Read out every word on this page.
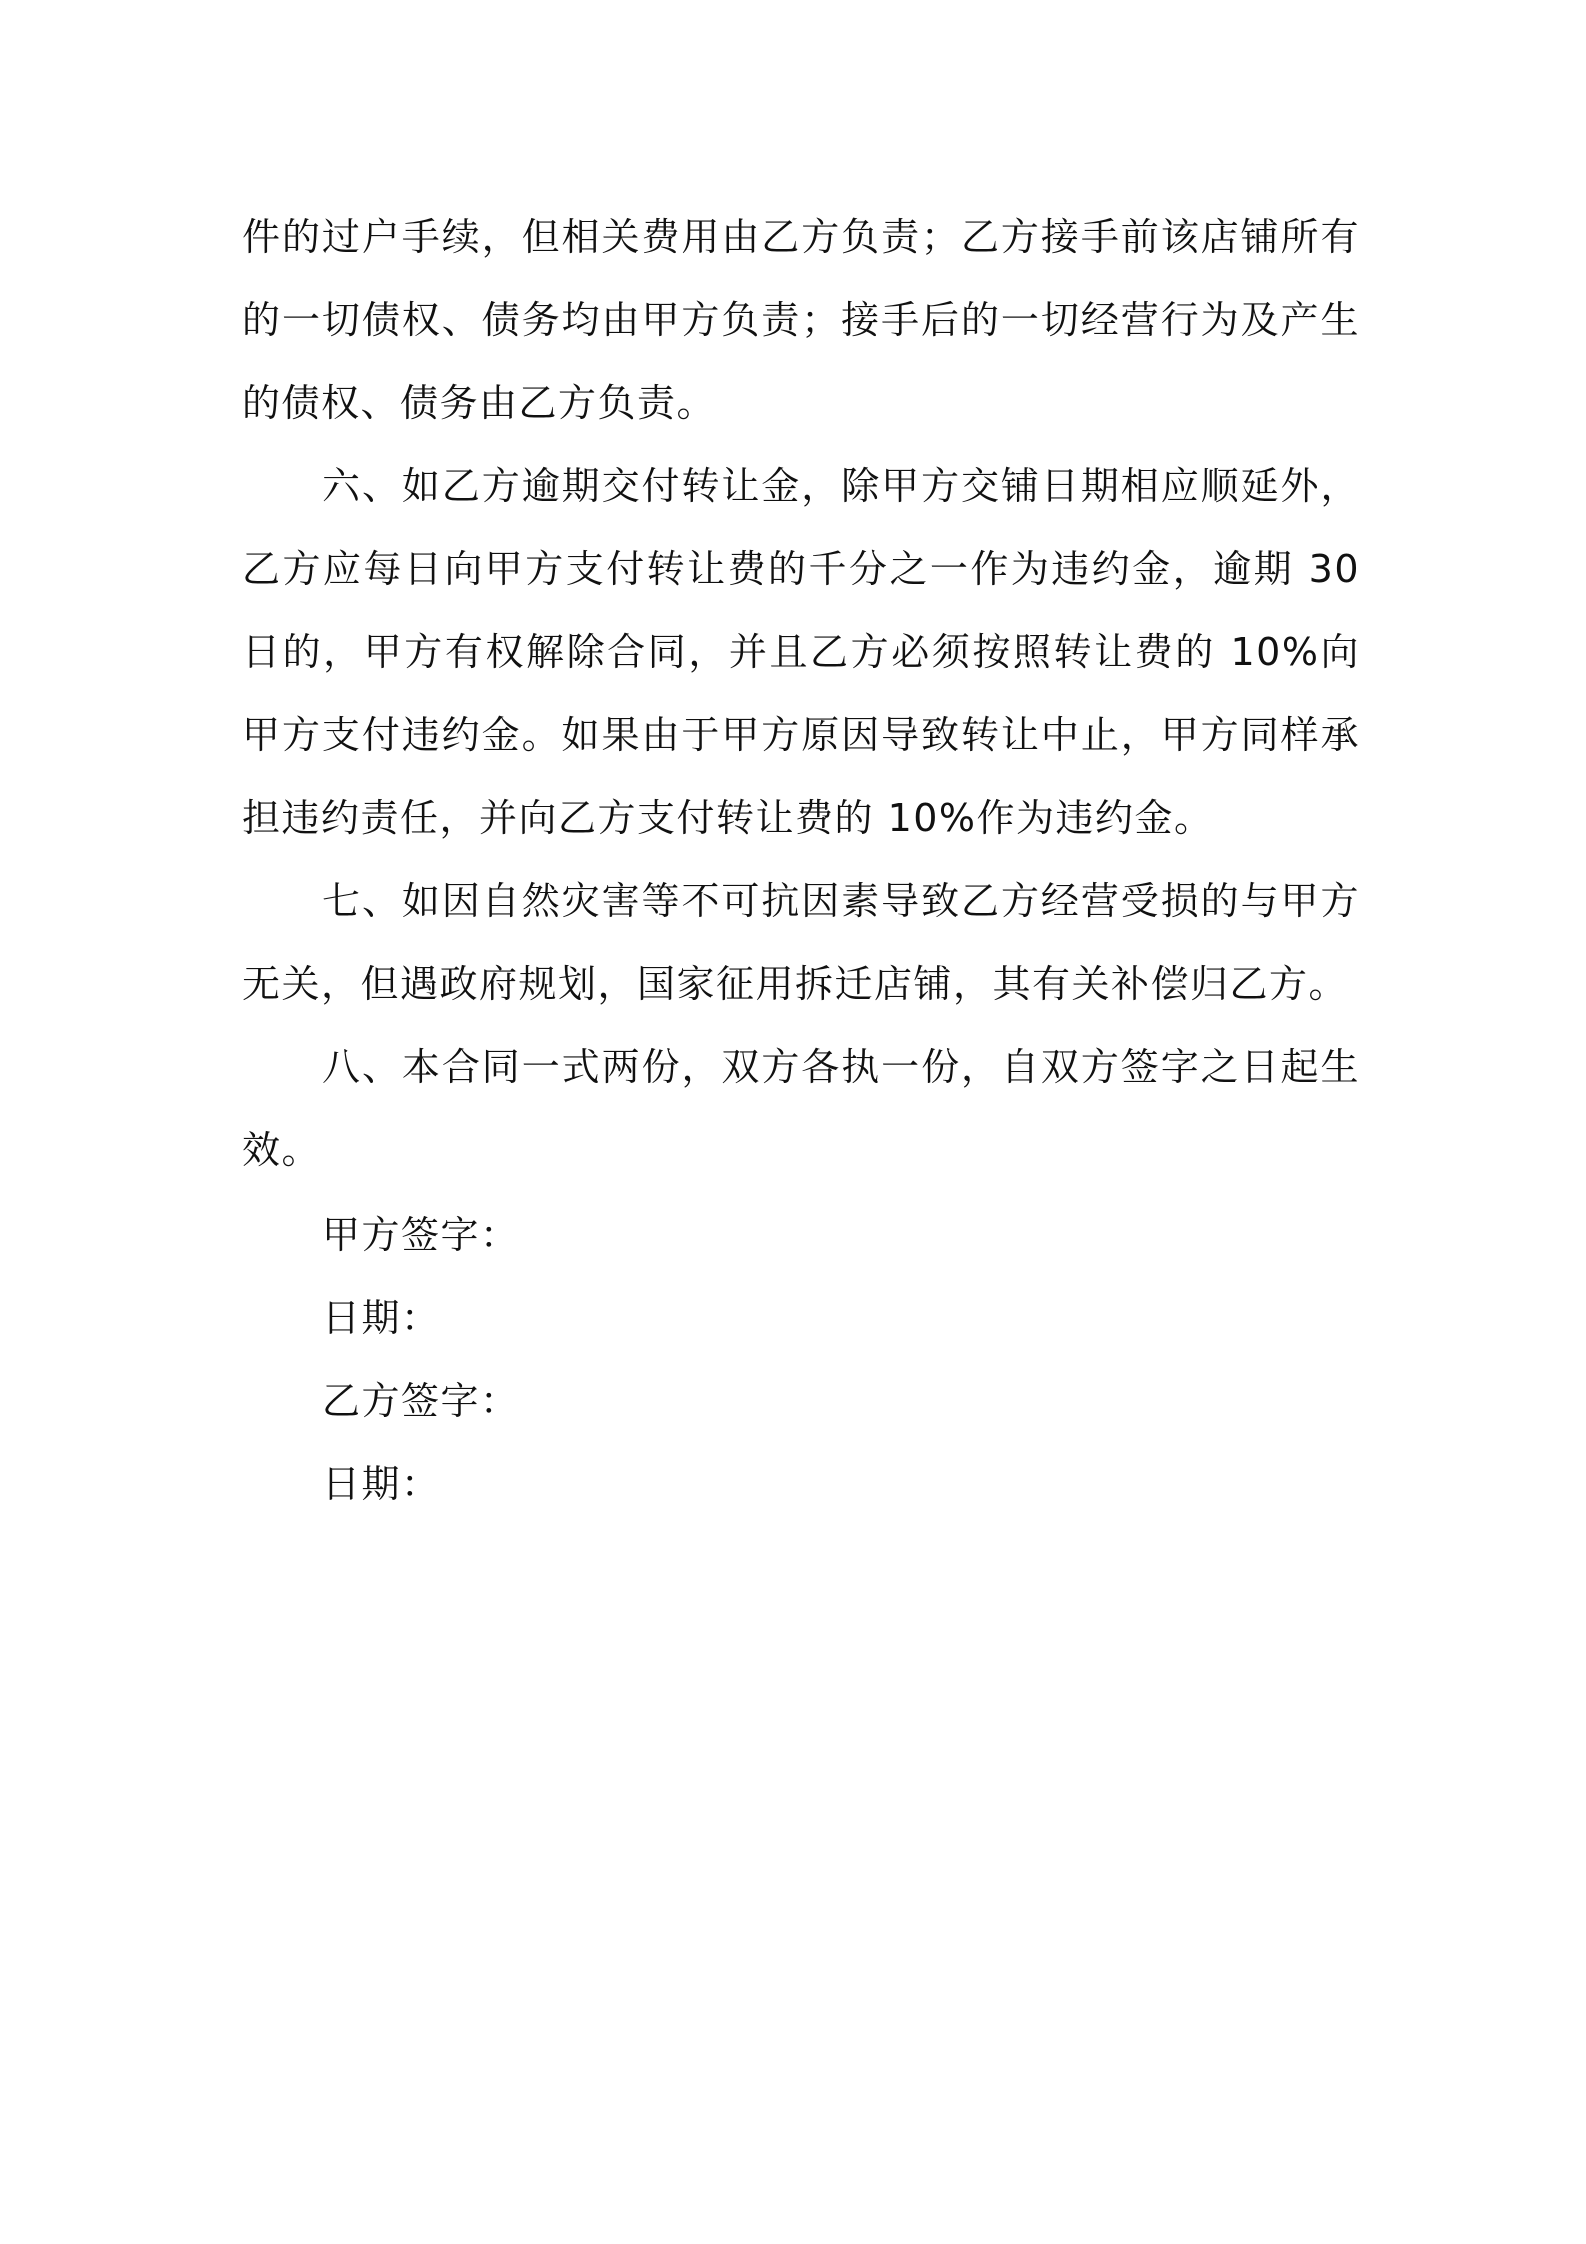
件的过户手续，但相关费用由乙方负责；乙方接手前该店铺所有的一切债权、债务均由甲方负责；接手后的一切经营行为及产生的债权、债务由乙方负责。

六、如乙方逾期交付转让金，除甲方交铺日期相应顺延外，乙方应每日向甲方支付转让费的千分之一作为违约金，逾期 30 日的，甲方有权解除合同，并且乙方必须按照转让费的 10%向甲方支付违约金。如果由于甲方原因导致转让中止，甲方同样承担违约责任，并向乙方支付转让费的 10%作为违约金。

七、如因自然灾害等不可抗因素导致乙方经营受损的与甲方无关，但遇政府规划，国家征用拆迁店铺，其有关补偿归乙方。

八、本合同一式两份，双方各执一份，自双方签字之日起生效。

甲方签字：

日期：

乙方签字：

日期：
